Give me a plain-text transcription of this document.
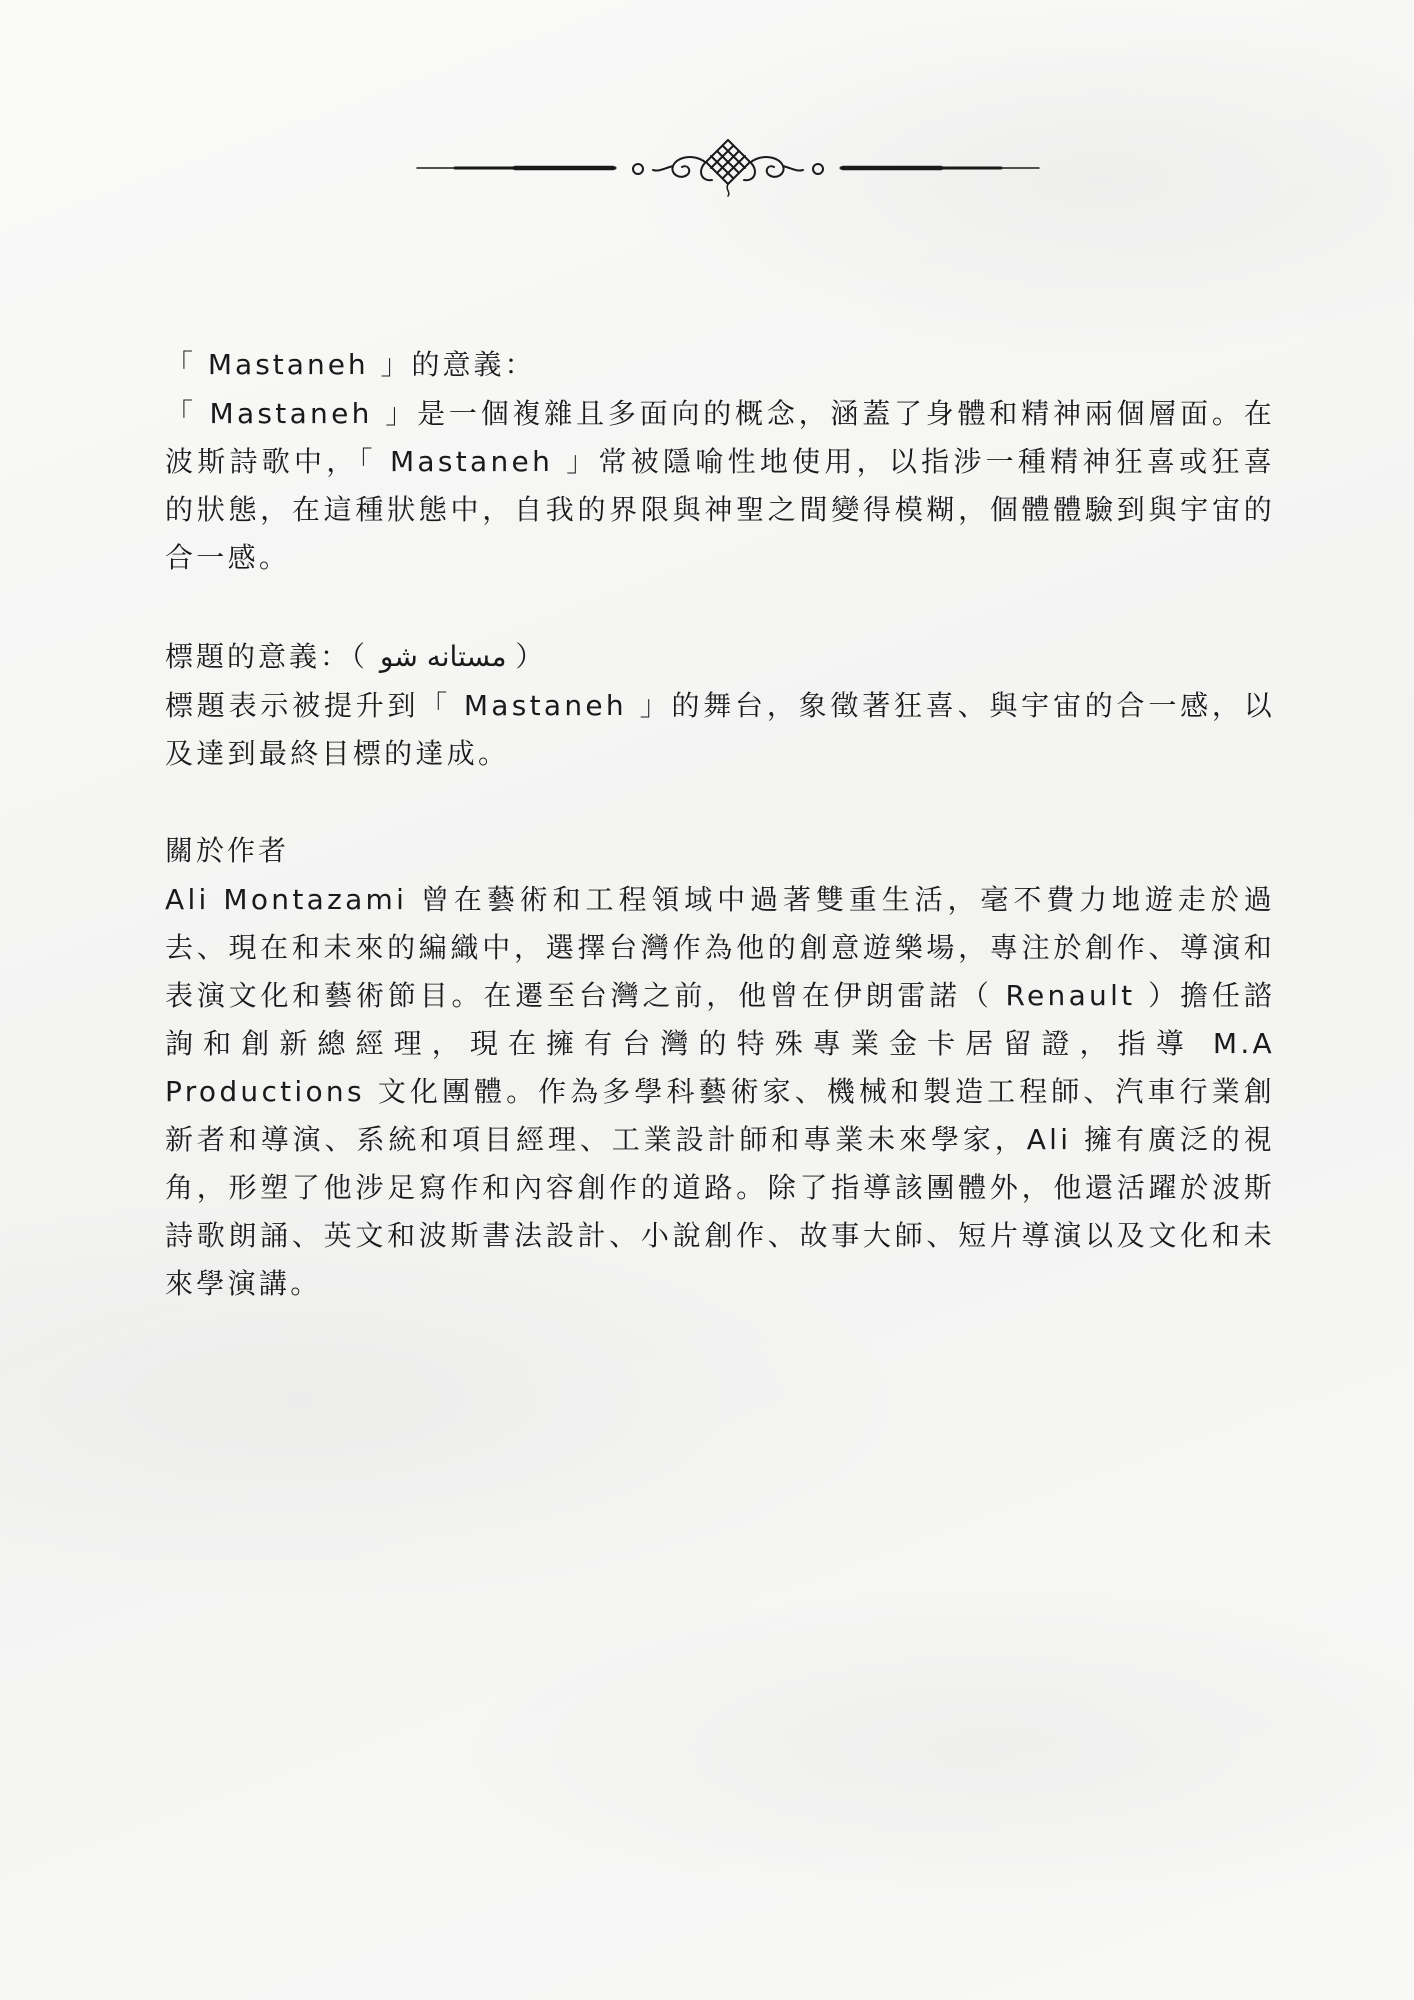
「 Mastaneh 」的意義：

「 Mastaneh 」是一個複雜且多面向的概念，涵蓋了身體和精神兩個層面。在波斯詩歌中，「 Mastaneh 」常被隱喻性地使用，以指涉一種精神狂喜或狂喜的狀態，在這種狀態中，自我的界限與神聖之間變得模糊，個體體驗到與宇宙的合一感。

標題的意義：（ مستانه شو ）

標題表示被提升到「 Mastaneh 」的舞台，象徵著狂喜、與宇宙的合一感，以及達到最終目標的達成。

關於作者

Ali Montazami 曾在藝術和工程領域中過著雙重生活，毫不費力地遊走於過去、現在和未來的編織中，選擇台灣作為他的創意遊樂場，專注於創作、導演和表演文化和藝術節目。在遷至台灣之前，他曾在伊朗雷諾（ Renault ）擔任諮詢和創新總經理，現在擁有台灣的特殊專業金卡居留證，指導 M.A Productions 文化團體。作為多學科藝術家、機械和製造工程師、汽車行業創新者和導演、系統和項目經理、工業設計師和專業未來學家，Ali 擁有廣泛的視角，形塑了他涉足寫作和內容創作的道路。除了指導該團體外，他還活躍於波斯詩歌朗誦、英文和波斯書法設計、小說創作、故事大師、短片導演以及文化和未來學演講。
